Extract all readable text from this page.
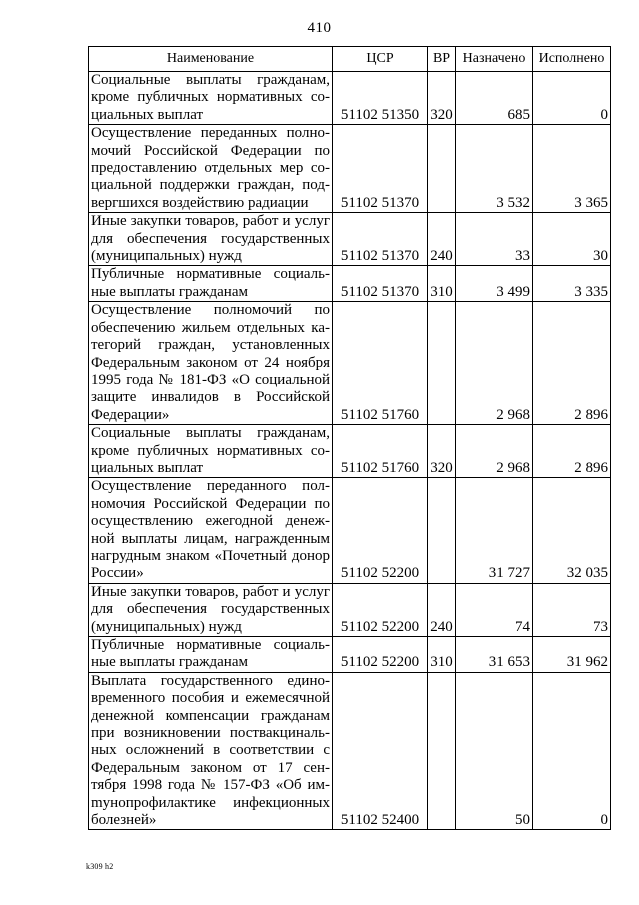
410
Наименование	ЦСР	ВР	Назначено	Исполнено
Социальные выплаты гражданам, кроме публичных нормативных социальных выплат	51102 51350	320	685	0
Осуществление переданных полномочий Российской Федерации по предоставлению отдельных мер социальной поддержки граждан, подвергшихся воздействию радиации	51102 51370		3 532	3 365
Иные закупки товаров, работ и услуг для обеспечения государственных (муниципальных) нужд	51102 51370	240	33	30
Публичные нормативные социальные выплаты гражданам	51102 51370	310	3 499	3 335
Осуществление полномочий по обеспечению жильем отдельных категорий граждан, установленных Федеральным законом от 24 ноября 1995 года № 181-ФЗ «О социальной защите инвалидов в Российской Федерации»	51102 51760		2 968	2 896
Социальные выплаты гражданам, кроме публичных нормативных социальных выплат	51102 51760	320	2 968	2 896
Осуществление переданного полномочия Российской Федерации по осуществлению ежегодной денежной выплаты лицам, награжденным нагрудным знаком «Почетный донор России»	51102 52200		31 727	32 035
Иные закупки товаров, работ и услуг для обеспечения государственных (муниципальных) нужд	51102 52200	240	74	73
Публичные нормативные социальные выплаты гражданам	51102 52200	310	31 653	31 962
Выплата государственного единовременного пособия и ежемесячной денежной компенсации гражданам при возникновении поствакцинальных осложнений в соответствии с Федеральным законом от 17 сентября 1998 года № 157-ФЗ «Об имmунопрофилактике инфекционных болезней»	51102 52400		50	0
k309 h2
